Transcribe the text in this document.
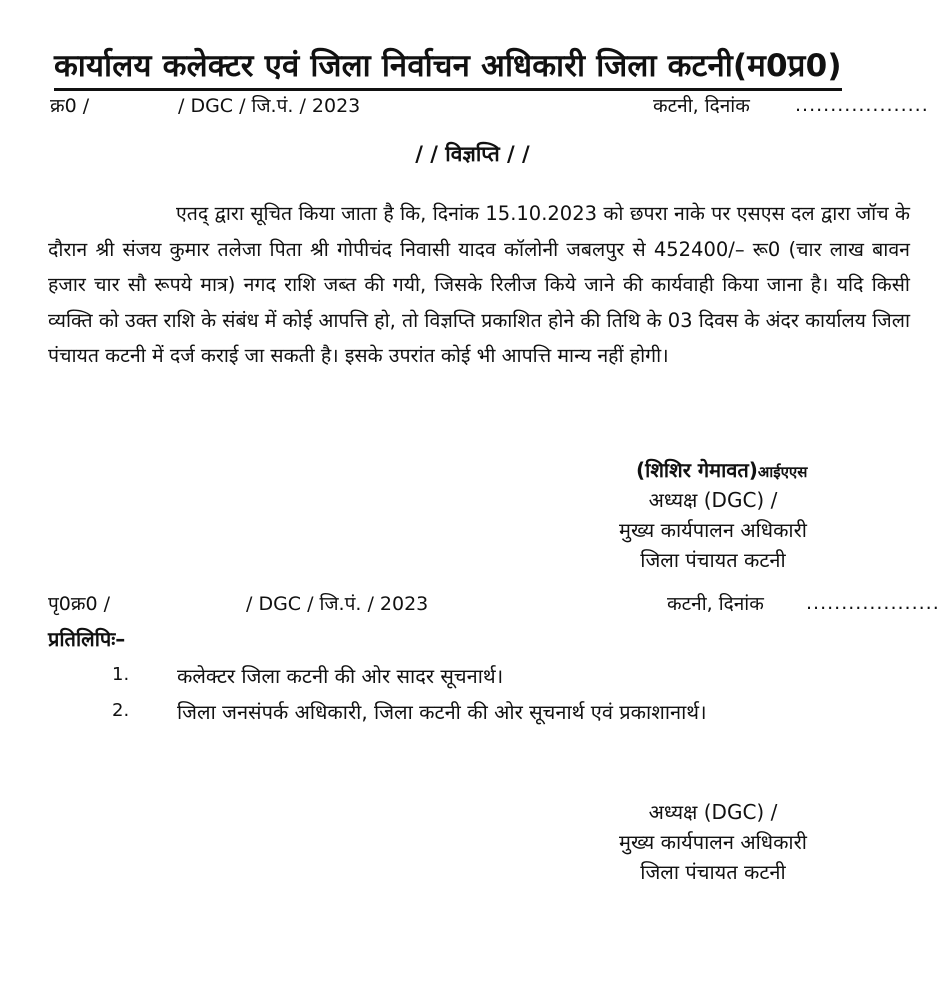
कार्यालय कलेक्टर एवं जिला निर्वाचन अधिकारी जिला कटनी(म0प्र0)
क्र0 /	/ DGC / जि.पं. / 2023	कटनी, दिनांक ...................
/ / विज्ञप्ति / /

एतद् द्वारा सूचित किया जाता है कि, दिनांक 15.10.2023 को छपरा नाके पर एसएस दल द्वारा जॉच के दौरान श्री संजय कुमार तलेजा पिता श्री गोपीचंद निवासी यादव कॉलोनी जबलपुर से 452400/– रू0 (चार लाख बावन हजार चार सौ रूपये मात्र) नगद राशि जब्त की गयी, जिसके रिलीज किये जाने की कार्यवाही किया जाना है। यदि किसी व्यक्ति को उक्त राशि के संबंध में कोई आपत्ति हो, तो विज्ञप्ति प्रकाशित होने की तिथि के 03 दिवस के अंदर कार्यालय जिला पंचायत कटनी में दर्ज कराई जा सकती है। इसके उपरांत कोई भी आपत्ति मान्य नहीं होगी।

(शिशिर गेमावत)आईएएस
अध्यक्ष (DGC) /
मुख्य कार्यपालन अधिकारी
जिला पंचायत कटनी
पृ0क्र0 /	/ DGC / जि.पं. / 2023	कटनी, दिनांक ...................
प्रतिलिपिः–
1. कलेक्टर जिला कटनी की ओर सादर सूचनार्थ।
2. जिला जनसंपर्क अधिकारी, जिला कटनी की ओर सूचनार्थ एवं प्रकाशानार्थ।
अध्यक्ष (DGC) /
मुख्य कार्यपालन अधिकारी
जिला पंचायत कटनी
